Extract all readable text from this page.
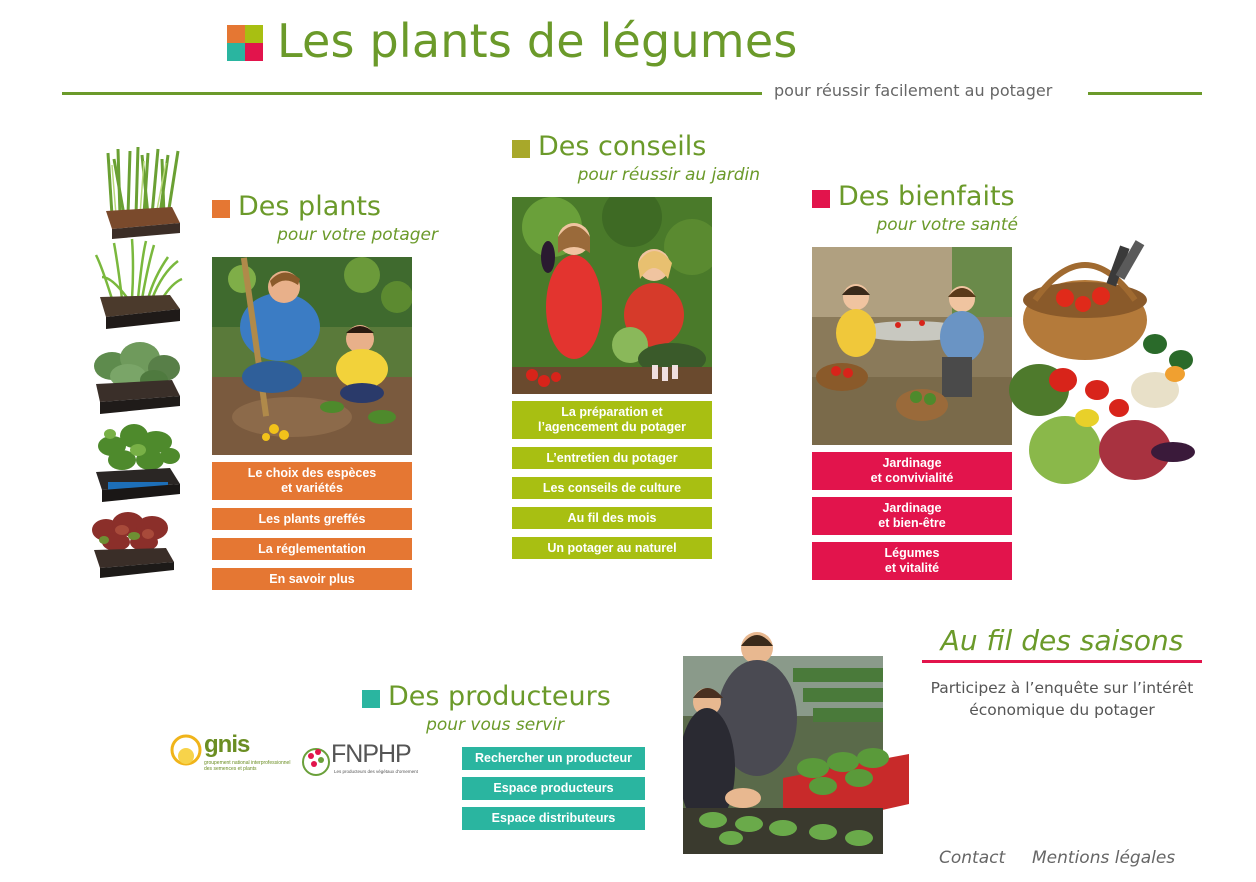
Les plants de légumes
pour réussir facilement au potager
Des plants
pour votre potager
Le choix des espèces
et variétés
Les plants greffés
La réglementation
En savoir plus
Des conseils
pour réussir au jardin
La préparation et
l’agencement du potager
L’entretien du potager
Les conseils de culture
Au fil des mois
Un potager au naturel
Des bienfaits
pour votre santé
Jardinage
et convivialité
Jardinage
et bien-être
Légumes
et vitalité
Des producteurs
pour vous servir
Rechercher un producteur
Espace producteurs
Espace distributeurs
gnis
groupement national interprofessionnel des semences et plants
FNPHP
Les producteurs des végétaux d'ornement
Au fil des saisons
Participez à l’enquête sur l’intérêt économique du potager
Contact Mentions légales
